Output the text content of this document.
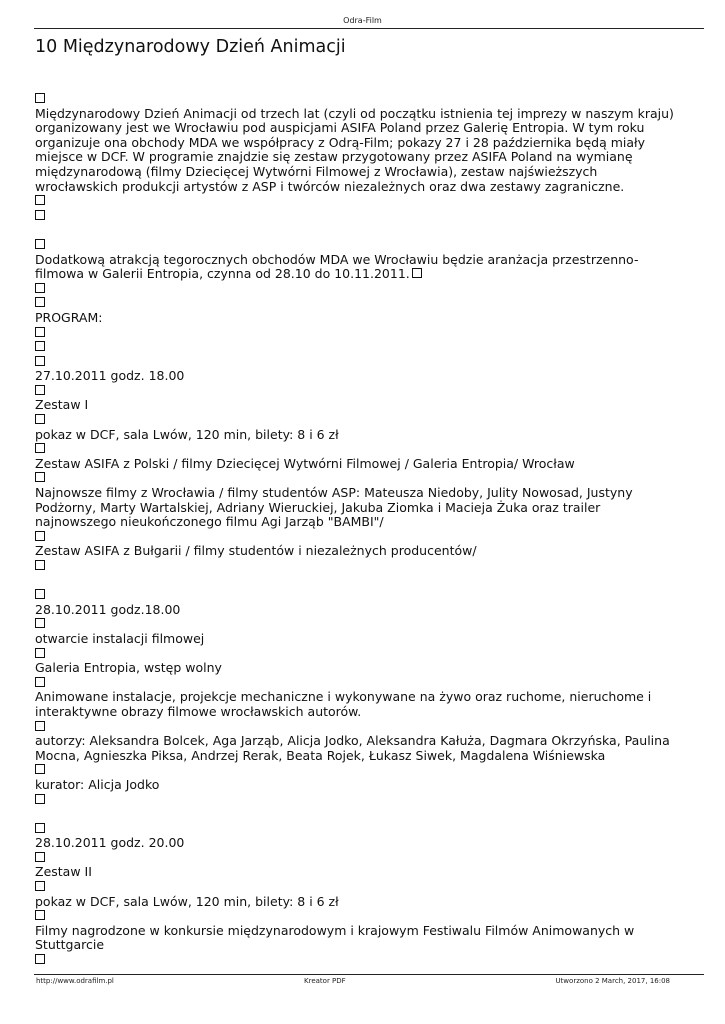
Odra-Film
10 Międzynarodowy Dzień Animacji

Międzynarodowy Dzień Animacji od trzech lat (czyli od początku istnienia tej imprezy w naszym kraju) organizowany jest we Wrocławiu pod auspicjami ASIFA Poland przez Galerię Entropia. W tym roku organizuje ona obchody MDA we współpracy z Odrą-Film; pokazy 27 i 28 października będą miały miejsce w DCF. W programie znajdzie się zestaw przygotowany przez ASIFA Poland na wymianę międzynarodową (filmy Dziecięcej Wytwórni Filmowej z Wrocławia), zestaw najświeższych wrocławskich produkcji artystów z ASP i twórców niezależnych oraz dwa zestawy zagraniczne.

Dodatkową atrakcją tegorocznych obchodów MDA we Wrocławiu będzie aranżacja przestrzenno-filmowa w Galerii Entropia, czynna od 28.10 do 10.11.2011.

PROGRAM:

27.10.2011 godz. 18.00

Zestaw I

pokaz w DCF, sala Lwów, 120 min, bilety: 8 i 6 zł

Zestaw ASIFA z Polski / filmy Dziecięcej Wytwórni Filmowej / Galeria Entropia/ Wrocław

Najnowsze filmy z Wrocławia / filmy studentów ASP: Mateusza Niedoby, Julity Nowosad, Justyny Podżorny, Marty Wartalskiej, Adriany Wieruckiej, Jakuba Ziomka i Macieja Żuka oraz trailer najnowszego nieukończonego filmu Agi Jarząb "BAMBI"/

Zestaw ASIFA z Bułgarii / filmy studentów i niezależnych producentów/

28.10.2011 godz.18.00

otwarcie instalacji filmowej

Galeria Entropia, wstęp wolny

Animowane instalacje, projekcje mechaniczne i wykonywane na żywo oraz ruchome, nieruchome i interaktywne obrazy filmowe wrocławskich autorów.

autorzy: Aleksandra Bolcek, Aga Jarząb, Alicja Jodko, Aleksandra Kałuża, Dagmara Okrzyńska, Paulina Mocna, Agnieszka Piksa, Andrzej Rerak, Beata Rojek, Łukasz Siwek, Magdalena Wiśniewska

kurator: Alicja Jodko

28.10.2011 godz. 20.00

Zestaw II

pokaz w DCF, sala Lwów, 120 min, bilety: 8 i 6 zł

Filmy nagrodzone w konkursie międzynarodowym i krajowym Festiwalu Filmów Animowanych w Stuttgarcie

http://www.odrafilm.pl	Kreator PDF	Utworzono 2 March, 2017, 16:08
